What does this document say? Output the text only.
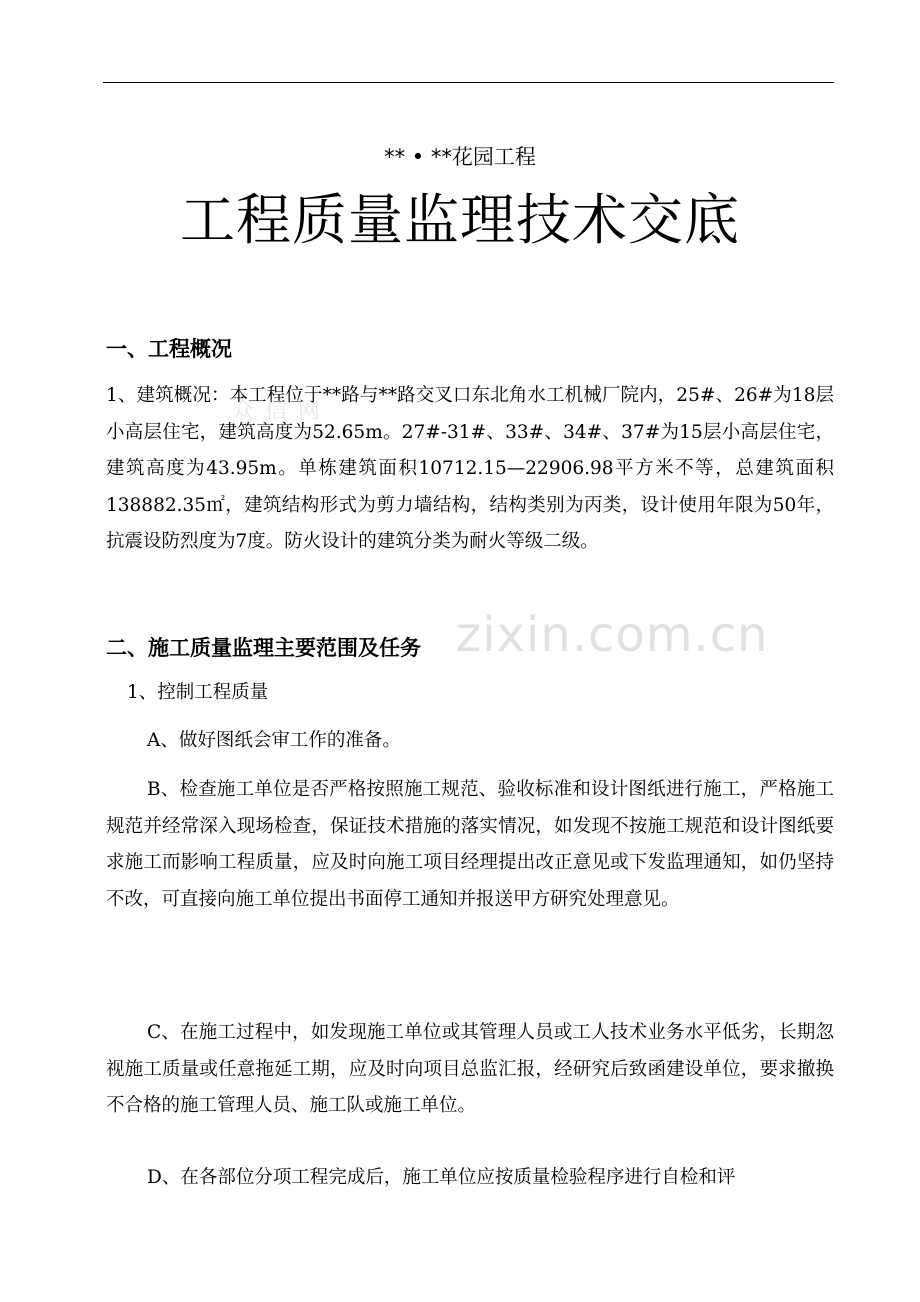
** • **花园工程
工程质量监理技术交底
一、工程概况

1、建筑概况：本工程位于**路与**路交叉口东北角水工机械厂院内，25#、26#为18层小高层住宅，建筑高度为52.65m。27#-31#、33#、34#、37#为15层小高层住宅，建筑高度为43.95m。单栋建筑面积10712.15—22906.98平方米不等，总建筑面积138882.35㎡，建筑结构形式为剪力墙结构，结构类别为丙类，设计使用年限为50年，抗震设防烈度为7度。防火设计的建筑分类为耐火等级二级。

二、施工质量监理主要范围及任务

1、控制工程质量

A、做好图纸会审工作的准备。

B、检查施工单位是否严格按照施工规范、验收标准和设计图纸进行施工，严格施工规范并经常深入现场检查，保证技术措施的落实情况，如发现不按施工规范和设计图纸要求施工而影响工程质量，应及时向施工项目经理提出改正意见或下发监理通知，如仍坚持不改，可直接向施工单位提出书面停工通知并报送甲方研究处理意见。

C、在施工过程中，如发现施工单位或其管理人员或工人技术业务水平低劣，长期忽视施工质量或任意拖延工期，应及时向项目总监汇报，经研究后致函建设单位，要求撤换不合格的施工管理人员、施工队或施工单位。

D、在各部位分项工程完成后，施工单位应按质量检验程序进行自检和评

zixin.com.cn
众 信 网
